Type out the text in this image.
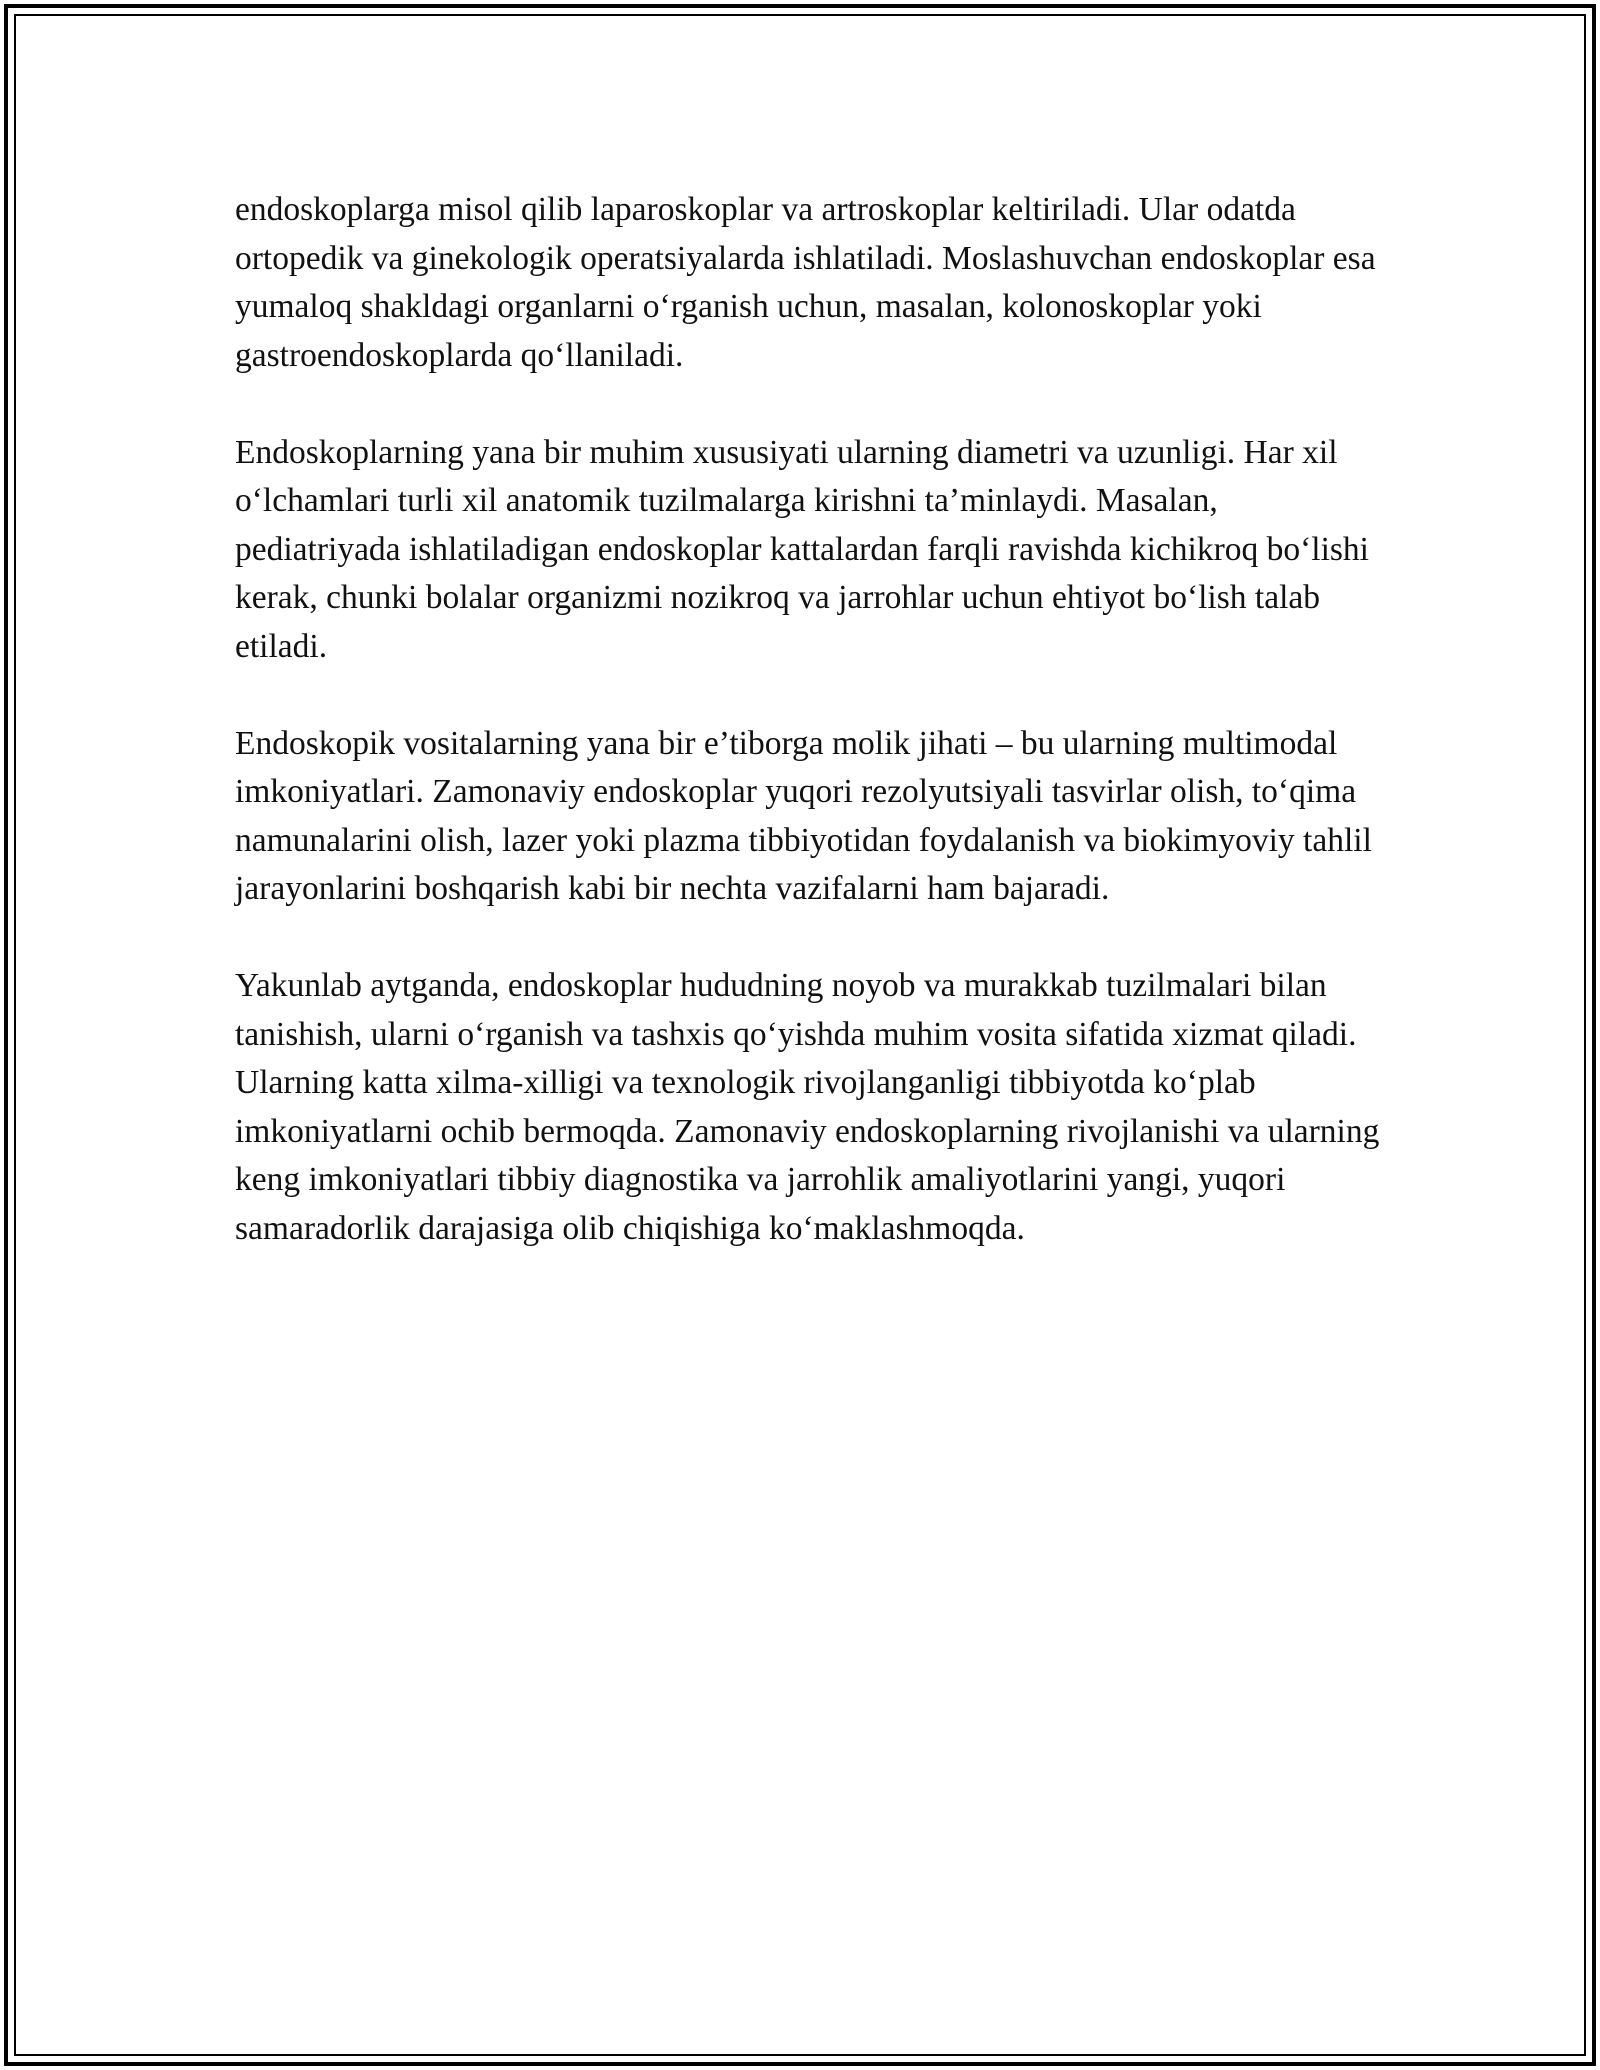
endoskoplarga misol qilib laparoskoplar va artroskoplar keltiriladi. Ular odatda ortopedik va ginekologik operatsiyalarda ishlatiladi. Moslashuvchan endoskoplar esa yumaloq shakldagi organlarni o‘rganish uchun, masalan, kolonoskoplar yoki gastroendoskoplarda qo‘llaniladi.

Endoskoplarning yana bir muhim xususiyati ularning diametri va uzunligi. Har xil o‘lchamlari turli xil anatomik tuzilmalarga kirishni ta’minlaydi. Masalan, pediatriyada ishlatiladigan endoskoplar kattalardan farqli ravishda kichikroq bo‘lishi kerak, chunki bolalar organizmi nozikroq va jarrohlar uchun ehtiyot bo‘lish talab etiladi.

Endoskopik vositalarning yana bir e’tiborga molik jihati – bu ularning multimodal imkoniyatlari. Zamonaviy endoskoplar yuqori rezolyutsiyali tasvirlar olish, to‘qima namunalarini olish, lazer yoki plazma tibbiyotidan foydalanish va biokimyoviy tahlil jarayonlarini boshqarish kabi bir nechta vazifalarni ham bajaradi.

Yakunlab aytganda, endoskoplar hududning noyob va murakkab tuzilmalari bilan tanishish, ularni o‘rganish va tashxis qo‘yishda muhim vosita sifatida xizmat qiladi. Ularning katta xilma-xilligi va texnologik rivojlanganligi tibbiyotda ko‘plab imkoniyatlarni ochib bermoqda. Zamonaviy endoskoplarning rivojlanishi va ularning keng imkoniyatlari tibbiy diagnostika va jarrohlik amaliyotlarini yangi, yuqori samaradorlik darajasiga olib chiqishiga ko‘maklashmoqda.
